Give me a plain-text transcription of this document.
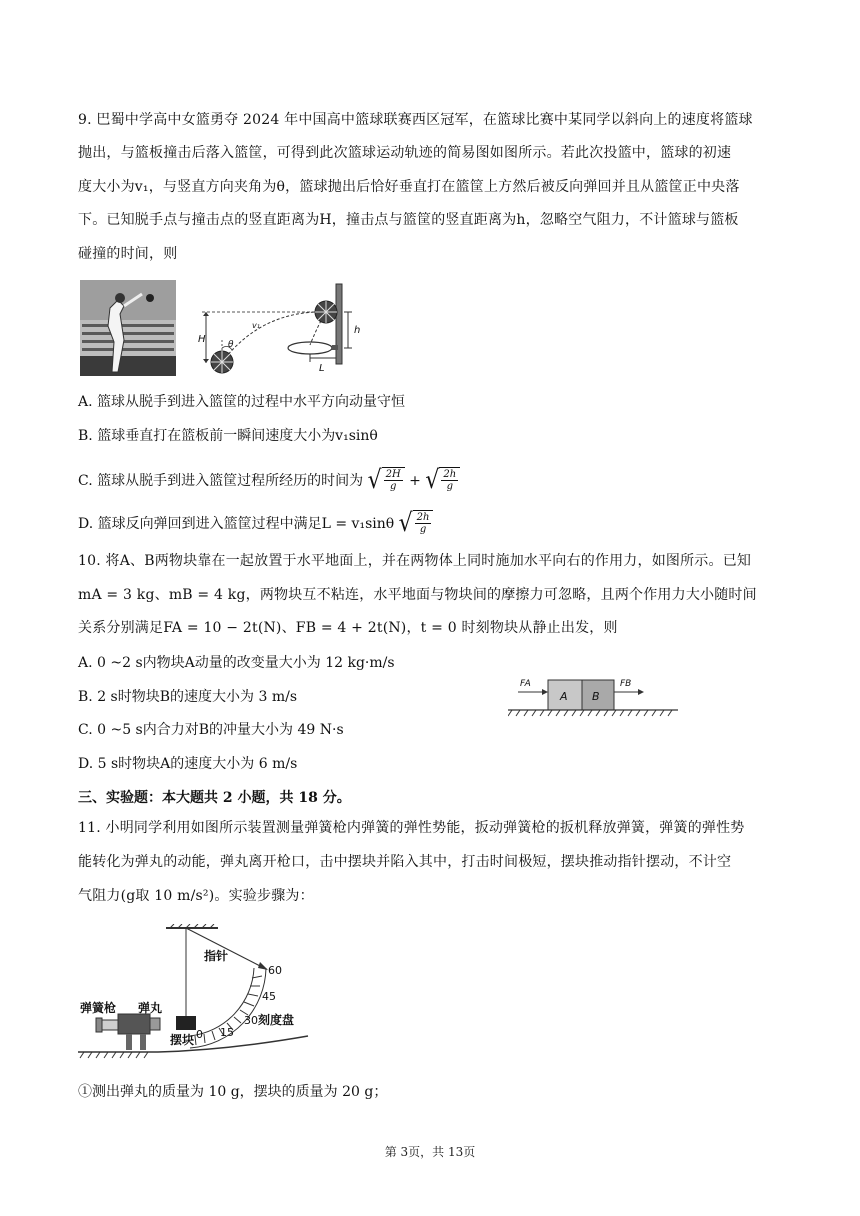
9. 巴蜀中学高中女篮勇夺 2024 年中国高中篮球联赛西区冠军，在篮球比赛中某同学以斜向上的速度将篮球
抛出，与篮板撞击后落入篮筐，可得到此次篮球运动轨迹的简易图如图所示。若此次投篮中，篮球的初速
度大小为v₁，与竖直方向夹角为θ，篮球抛出后恰好垂直打在篮筐上方然后被反向弹回并且从篮筐正中央落
下。已知脱手点与撞击点的竖直距离为H，撞击点与篮筐的竖直距离为h，忽略空气阻力，不计篮球与篮板
碰撞的时间，则
H θ
v₁	h
L
A. 篮球从脱手到进入篮筐的过程中水平方向动量守恒
B. 篮球垂直打在篮板前一瞬间速度大小为v₁sinθ
C. 篮球从脱手到进入篮筐过程所经历的时间为 √ $\frac{2H}{g}$ + √ $\frac{2h}{g}$
D. 篮球反向弹回到进入篮筐过程中满足L = v₁sinθ √ $\frac{2h}{g}$
10. 将A、B两物块靠在一起放置于水平地面上，并在两物体上同时施加水平向右的作用力，如图所示。已知
mA = 3 kg、mB = 4 kg，两物块互不粘连，水平地面与物块间的摩擦力可忽略，且两个作用力大小随时间
关系分别满足FA = 10 − 2t(N)、FB = 4 + 2t(N)，t = 0 时刻物块从静止出发，则
A. 0 ~2 s内物块A动量的改变量大小为 12 kg·m/s
B. 2 s时物块B的速度大小为 3 m/s
C. 0 ~5 s内合力对B的冲量大小为 49 N·s
D. 5 s时物块A的速度大小为 6 m/s
FA
A B
FB
三、实验题：本大题共 2 小题，共 18 分。
11. 小明同学利用如图所示装置测量弹簧枪内弹簧的弹性势能，扳动弹簧枪的扳机释放弹簧，弹簧的弹性势
能转化为弹丸的动能，弹丸离开枪口，击中摆块并陷入其中，打击时间极短，摆块推动指针摆动，不计空
气阻力(g取 10 m/s²)。实验步骤为：
指针
弹簧枪 弹丸
摆块
刻度盘
0 15
30
45
60
①测出弹丸的质量为 10 g，摆块的质量为 20 g；
第 3页，共 13页
